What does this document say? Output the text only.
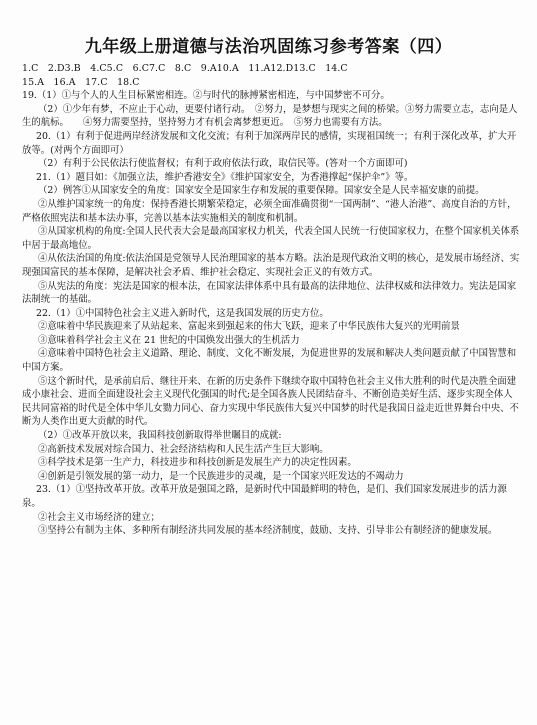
九年级上册道德与法治巩固练习参考答案（四）

1.C　2.D3.B　4.C5.C　6.C7.C　8.C　9.A10.A　11.A12.D13.C　14.C

15.A　16.A　17.C　18.C

19.（1）①与个人的人生目标紧密相连。②与时代的脉搏紧密相连，与中国梦密不可分。

（2）①少年有梦，不应止于心动，更要付诸行动。　②努力，是梦想与现实之间的桥梁。③努力需要立志，志向是人生的航标。　　④努力需要坚持，坚持努力才有机会离梦想更近。　⑤努力也需要有方法。

20.（1）有利于促进两岸经济发展和文化交流；有利于加深两岸民的感情，实现祖国统一；有利于深化改革，扩大开放等。(对两个方面即可）

（2）有利于公民依法行使监督权；有利于政府依法行政，取信民等。(答对一个方面即可)

21.（1）题目如：《加强立法，维护香港安全》《维护国家安全，为香港撑起“保护伞”》等。

（2）例答①从国家安全的角度：国家安全是国家生存和发展的重要保障。国家安全是人民幸福安康的前提。

②从维护国家统一的角度：保持香港长期繁荣稳定，必须全面准确贯彻“一国两制”、“港人治港”、高度自治的方针，严格依照宪法和基本法办事，完善以基本法实施相关的制度和机制。

③从国家机构的角度:全国人民代表大会是最高国家权力机关，代表全国人民统一行使国家权力，在整个国家机关体系中居于最高地位。

④从依法治国的角度:依法治国是党领导人民治理国家的基本方略。法治是现代政治文明的核心，是发展市场经济、实现强国富民的基本保障，是解决社会矛盾、维护社会稳定、实现社会正义的有效方式。

⑤从宪法的角度：宪法是国家的根本法，在国家法律体系中具有最高的法律地位、法律权威和法律效力。宪法是国家法制统一的基础。

22.（1）①中国特色社会主义进入新时代，这是我国发展的历史方位。

②意味着中华民族迎来了从站起来、富起来到强起来的伟大飞跃，迎来了中华民族伟大复兴的光明前景

③意味着科学社会主义在 21 世纪的中国焕发出强大的生机活力

④意味着中国特色社会主义道路、理论、制度、文化不断发展，为促进世界的发展和解决人类问题贡献了中国智慧和中国方案。

⑤这个新时代，是承前启后、继往开来、在新的历史条件下继续夺取中国特色社会主义伟大胜利的时代是决胜全面建成小康社会、进而全面建设社会主义现代化强国的时代;是全国各族人民团结奋斗、不断创造美好生活、逐步实现全体人民共同富裕的时代是全体中华儿女勠力同心、奋力实现中华民族伟大复兴中国梦的时代是我国日益走近世界舞台中央、不断为人类作出更大贡献的时代。

（2）①改革开放以来，我国科技创新取得举世瞩目的成就:

②高新技术发展对综合国力、社会经济结构和人民生活产生巨大影响。

③科学技术是第一生产力，科技进步和科技创新是发展生产力的决定性因素。

④创新是引领发展的第一动力，是一个民族进步的灵魂，是一个国家兴旺发达的不竭动力

23.（1）①坚持改革开放。改革开放是强国之路，是新时代中国最鲜明的特色，是们、我们国家发展进步的活力源泉。

②社会主义市场经济的建立；

③坚持公有制为主体、多种所有制经济共同发展的基本经济制度，鼓励、支持、引导非公有制经济的健康发展。
